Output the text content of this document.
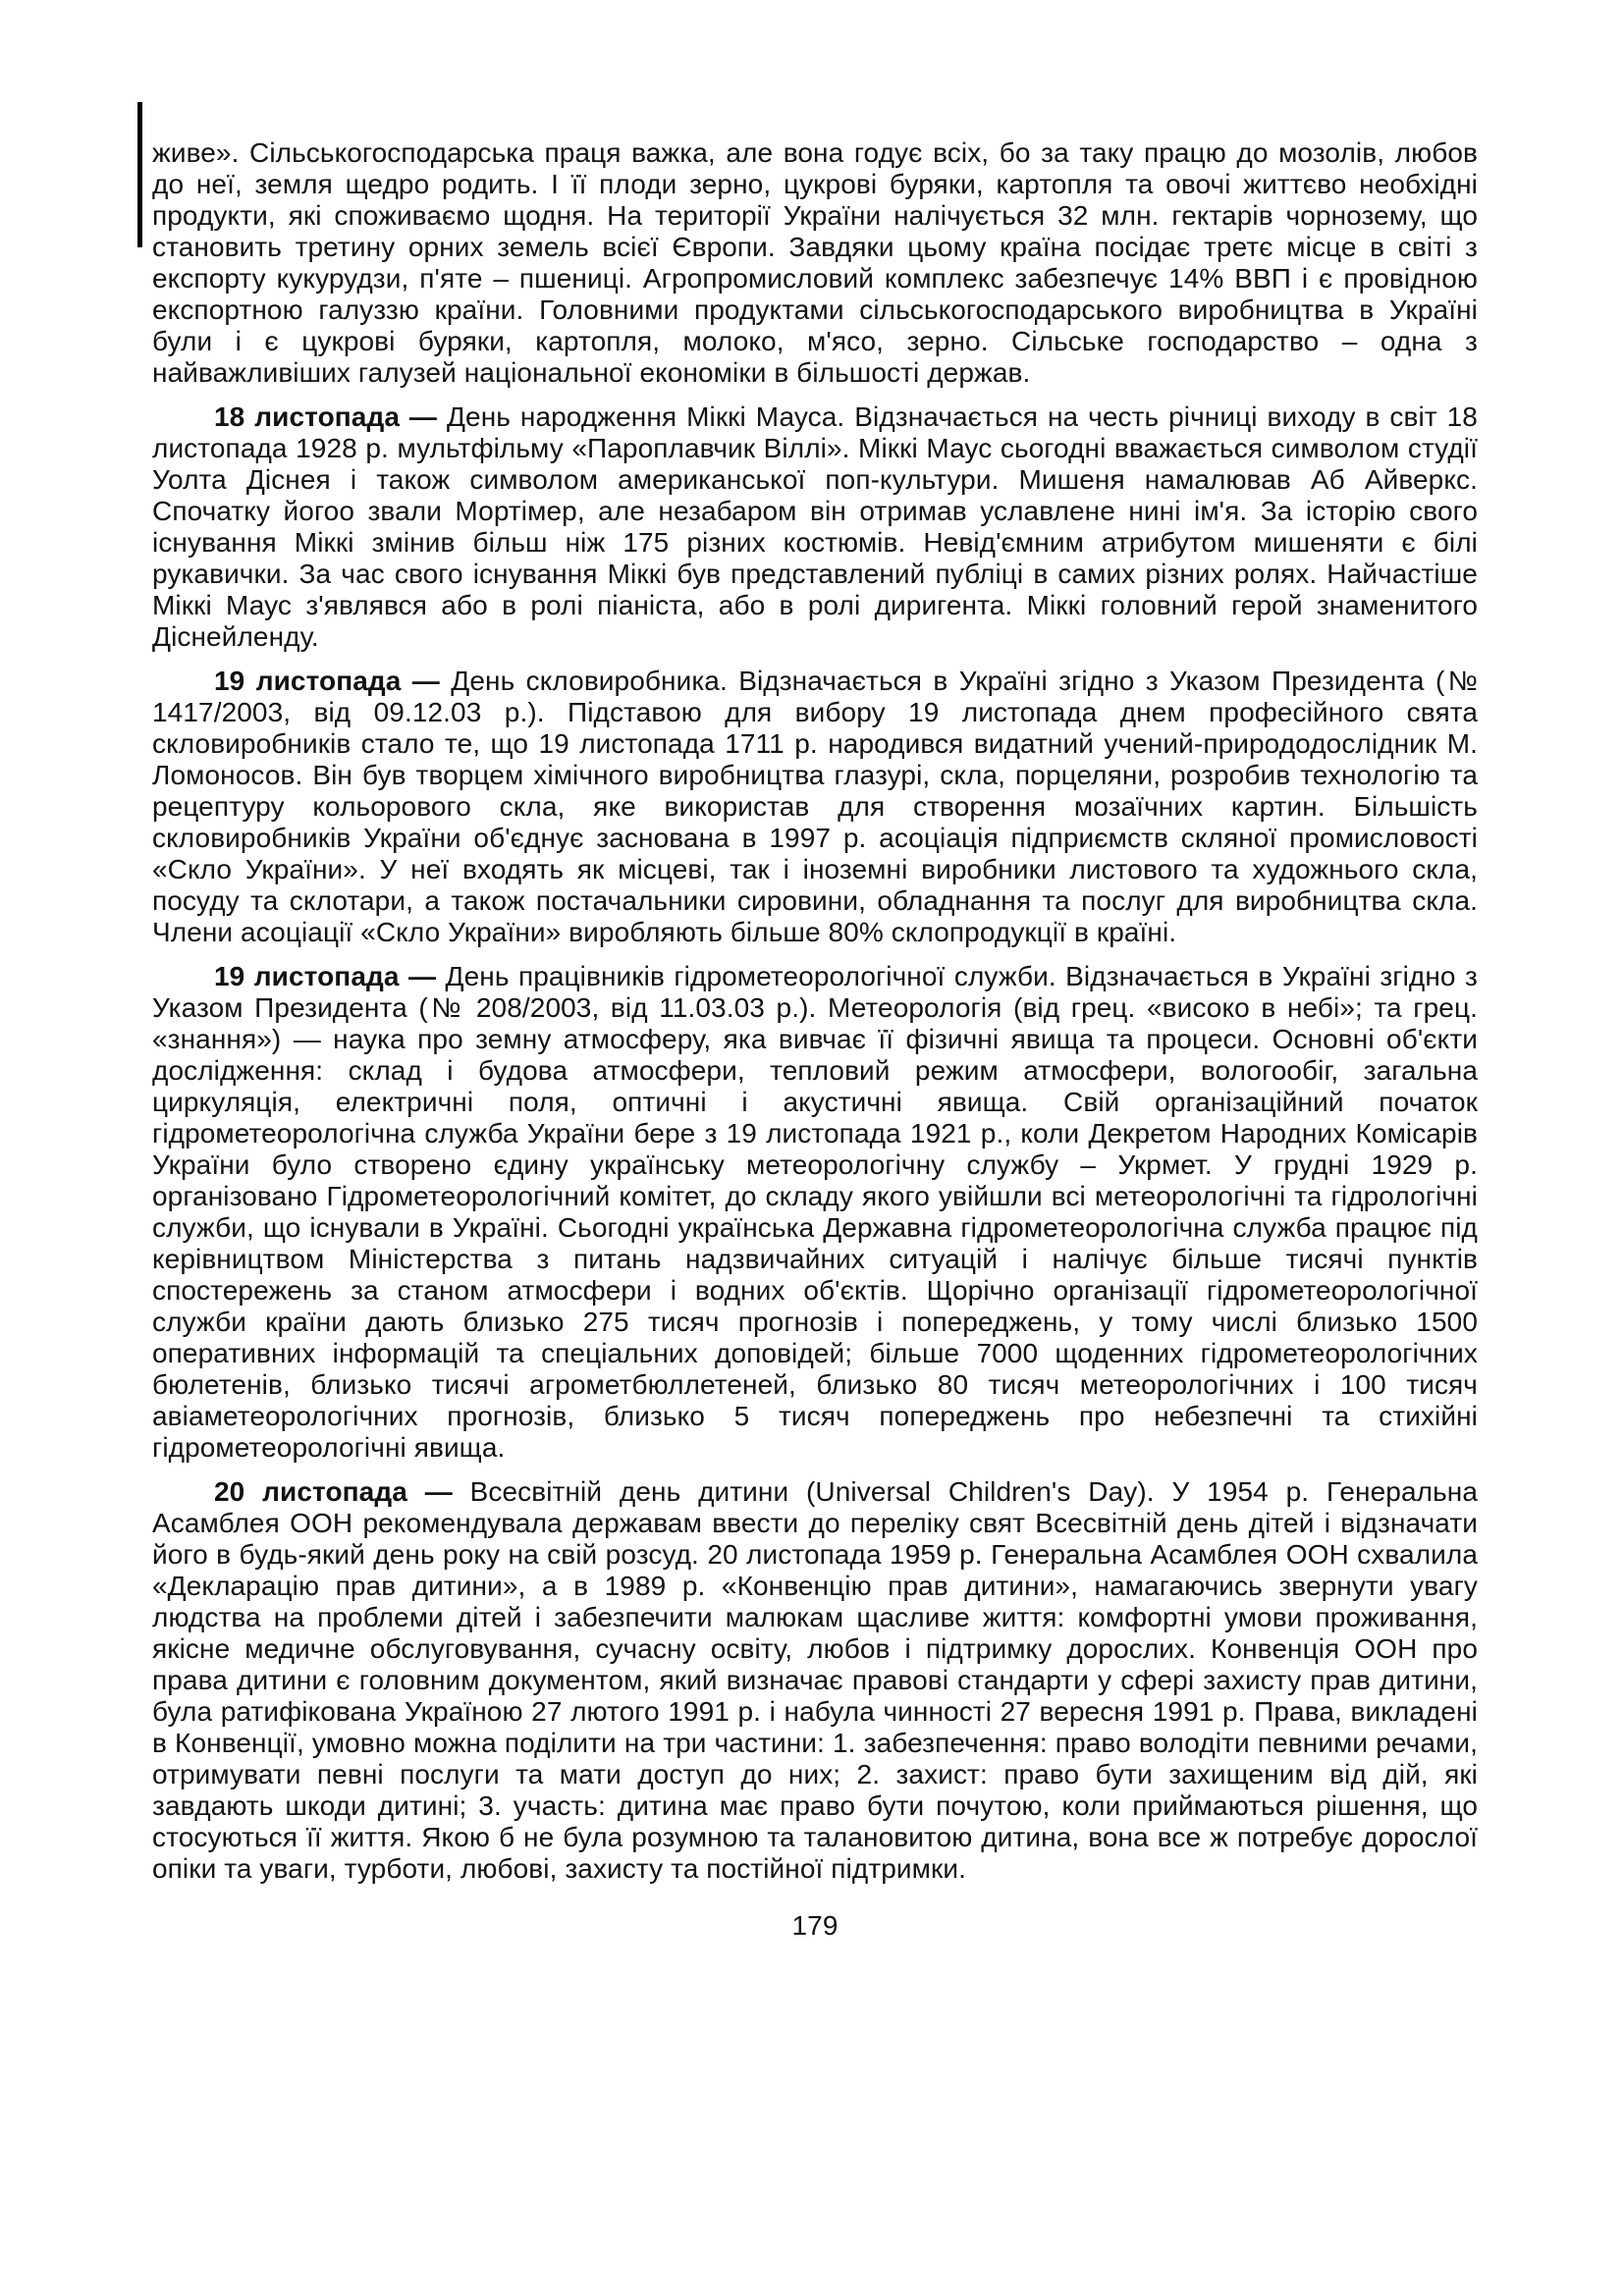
живе». Сільськогосподарська праця важка, але вона годує всіх, бо за таку працю до мозолів, любов до неї, земля щедро родить. І її плоди зерно, цукрові буряки, картопля та овочі життєво необхідні продукти, які споживаємо щодня. На території України налічується 32 млн. гектарів чорнозему, що становить третину орних земель всієї Європи. Завдяки цьому країна посідає третє місце в світі з експорту кукурудзи, п'яте – пшениці. Агропромисловий комплекс забезпечує 14% ВВП і є провідною експортною галуззю країни. Головними продуктами сільськогосподарського виробництва в Україні були і є цукрові буряки, картопля, молоко, м'ясо, зерно. Сільське господарство – одна з найважливіших галузей національної економіки в більшості держав.

18 листопада — День народження Міккі Мауса. Відзначається на честь річниці виходу в світ 18 листопада 1928 р. мультфільму «Пароплавчик Віллі». Міккі Маус сьогодні вважається символом студії Уолта Діснея і також символом американської поп-культури. Мишеня намалював Аб Айверкс. Спочатку йогоо звали Мортімер, але незабаром він отримав уславлене нині ім'я. За історію свого існування Міккі змінив більш ніж 175 різних костюмів. Невід'ємним атрибутом мишеняти є білі рукавички. За час свого існування Міккі був представлений публіці в самих різних ролях. Найчастіше Міккі Маус з'являвся або в ролі піаніста, або в ролі диригента. Міккі головний герой знаменитого Діснейленду.

19 листопада — День скловиробника. Відзначається в Україні згідно з Указом Президента (№ 1417/2003, від 09.12.03 р.). Підставою для вибору 19 листопада днем професійного свята скловиробників стало те, що 19 листопада 1711 р. народився видатний учений-природодослідник М. Ломоносов. Він був творцем хімічного виробництва глазурі, скла, порцеляни, розробив технологію та рецептуру кольорового скла, яке використав для створення мозаїчних картин. Більшість скловиробників України об'єднує заснована в 1997 р. асоціація підприємств скляної промисловості «Скло України». У неї входять як місцеві, так і іноземні виробники листового та художнього скла, посуду та склотари, а також постачальники сировини, обладнання та послуг для виробництва скла. Члени асоціації «Скло України» виробляють більше 80% склопродукції в країні.

19 листопада — День працівників гідрометеорологічної служби. Відзначається в Україні згідно з Указом Президента (№ 208/2003, від 11.03.03 р.). Метеорологія (від грец. «високо в небі»; та грец. «знання») — наука про земну атмосферу, яка вивчає її фізичні явища та процеси. Основні об'єкти дослідження: склад і будова атмосфери, тепловий режим атмосфери, вологообіг, загальна циркуляція, електричні поля, оптичні і акустичні явища. Свій організаційний початок гідрометеорологічна служба України бере з 19 листопада 1921 р., коли Декретом Народних Комісарів України було створено єдину українську метеорологічну службу – Укрмет. У грудні 1929 р. організовано Гідрометеорологічний комітет, до складу якого увійшли всі метеорологічні та гідрологічні служби, що існували в Україні. Сьогодні українська Державна гідрометеорологічна служба працює під керівництвом Міністерства з питань надзвичайних ситуацій і налічує більше тисячі пунктів спостережень за станом атмосфери і водних об'єктів. Щорічно організації гідрометеорологічної служби країни дають близько 275 тисяч прогнозів і попереджень, у тому числі близько 1500 оперативних інформацій та спеціальних доповідей; більше 7000 щоденних гідрометеорологічних бюлетенів, близько тисячі агрометбюллетеней, близько 80 тисяч метеорологічних і 100 тисяч авіаметеорологічних прогнозів, близько 5 тисяч попереджень про небезпечні та стихійні гідрометеорологічні явища.

20 листопада — Всесвітній день дитини (Universal Children's Day). У 1954 р. Генеральна Асамблея ООН рекомендувала державам ввести до переліку свят Всесвітній день дітей і відзначати його в будь-який день року на свій розсуд. 20 листопада 1959 р. Генеральна Асамблея ООН схвалила «Декларацію прав дитини», а в 1989 р. «Конвенцію прав дитини», намагаючись звернути увагу людства на проблеми дітей і забезпечити малюкам щасливе життя: комфортні умови проживання, якісне медичне обслуговування, сучасну освіту, любов і підтримку дорослих. Конвенція ООН про права дитини є головним документом, який визначає правові стандарти у сфері захисту прав дитини, була ратифікована Україною 27 лютого 1991 р. і набула чинності 27 вересня 1991 р. Права, викладені в Конвенції, умовно можна поділити на три частини: 1. забезпечення: право володіти певними речами, отримувати певні послуги та мати доступ до них; 2. захист: право бути захищеним від дій, які завдають шкоди дитині; 3. участь: дитина має право бути почутою, коли приймаються рішення, що стосуються її життя. Якою б не була розумною та талановитою дитина, вона все ж потребує дорослої опіки та уваги, турботи, любові, захисту та постійної підтримки.

179
